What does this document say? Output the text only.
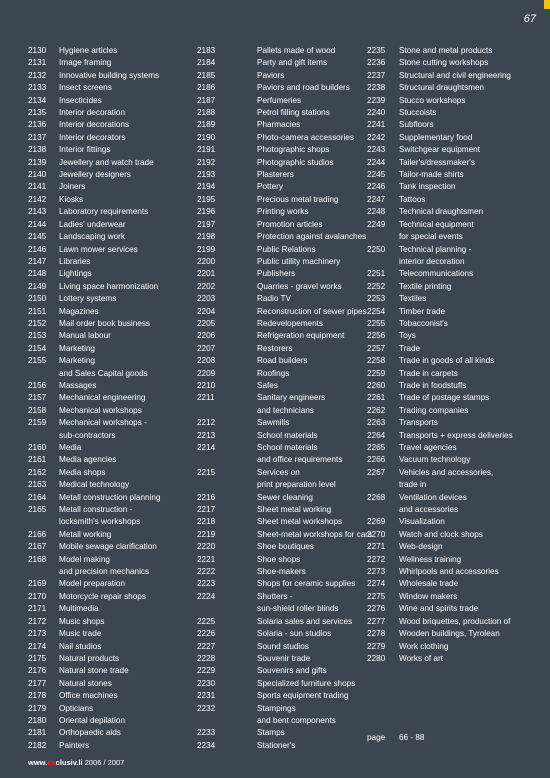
67
2130	Hygiene articles
2131	Image framing
2132	Innovative building systems
2133	Insect screens
2134	Insecticides
2135	Interior decoration
2136	Interior decorations
2137	Interior decorators
2138	Interior fittings
2139	Jewellery and watch trade
2140	Jewellery designers
2141	Joiners
2142	Kiosks
2143	Laboratory requirements
2144	Ladies' underwear
2145	Landscaping work
2146	Lawn mower services
2147	Libraries
2148	Lightings
2149	Living space harmonization
2150	Lottery systems
2151	Magazines
2152	Mail order book business
2153	Manual labour
2154	Marketing
2155	Marketing
and Sales Capital goods
2156	Massages
2157	Mechanical engineering
2158	Mechanical workshops
2159	Mechanical workshops -
sub-contractors
2160	Media
2161	Media agencies
2162	Media shops
2163	Medical technology
2164	Metall construction planning
2165	Metall construction -
locksmith's workshops
2166	Metall working
2167	Mobile sewage clarification
2168	Model making
and precision mechanics
2169	Model preparation
2170	Motorcycle repair shops
2171	Multimedia
2172	Music shops
2173	Music trade
2174	Nail studios
2175	Natural products
2176	Natural stone trade
2177	Natural stones
2178	Office machines
2179	Opticians
2180	Oriental depilation
2181	Orthopaedic aids
2182	Painters
2183	Pallets made of wood
2184	Party and gift items
2185	Paviors
2186	Paviors and road builders
2187	Perfumeries
2188	Petrol filling stations
2189	Pharmacies
2190	Photo-camera accessories
2191	Photographic shops
2192	Photographic studios
2193	Plasterers
2194	Pottery
2195	Precious metal trading
2196	Printing works
2197	Promotion articles
2198	Protection against avalanches
2199	Public Relations
2200	Public utility machinery
2201	Publishers
2202	Quarries - gravel works
2203	Radio TV
2204	Reconstruction of sewer pipes
2205	Redevelopements
2206	Refrigeration equipment
2207	Restorers
2208	Road builders
2209	Roofings
2210	Safes
2211	Sanitary engineers
and technicians
2212	Sawmills
2213	School materials
2214	School materials
and office requirements
2215	Services on
print preparation level
2216	Sewer cleaning
2217	Sheet metal working
2218	Sheet metal workshops
2219	Sheet-metal workshops for cars
2220	Shoe boutiques
2221	Shoe shops
2222	Shoe-makers
2223	Shops for ceramic supplies
2224	Shutters -
sun-shield roller blinds
2225	Solaria sales and services
2226	Solaria - sun studios
2227	Sound studios
2228	Souvenir trade
2229	Souvenirs and gifts
2230	Specialized furniture shops
2231	Sports equipment trading
2232	Stampings
and bent components
2233	Stamps
2234	Stationer's
2235	Stone and metal products
2236	Stone cutting workshops
2237	Structural and civil engineering
2238	Structural draughtsmen
2239	Stucco workshops
2240	Stuccoists
2241	Subfloors
2242	Supplementary food
2243	Switchgear equipment
2244	Tailer's/dressmaker's
2245	Tailor-made shirts
2246	Tank inspection
2247	Tattoos
2248	Technical draughtsmen
2249	Technical equipment
for special events
2250	Technical planning -
interior decoration
2251	Telecommunications
2252	Textile printing
2253	Textiles
2254	Timber trade
2255	Tobacconist's
2256	Toys
2257	Trade
2258	Trade in goods of all kinds
2259	Trade in carpets
2260	Trade in foodstuffs
2261	Trade of postage stamps
2262	Trading companies
2263	Transports
2264	Transports + express deliveries
2265	Travel agencies
2266	Vacuum technology
2267	Vehicles and accessories,
trade in
2268	Ventilation devices
and accessories
2269	Visualization
2270	Watch and clock shops
2271	Web-design
2272	Wellness training
2273	Whirlpools and accessories
2274	Wholesale trade
2275	Window makers
2276	Wine and spirits trade
2277	Wood briquettes, production of
2278	Wooden buildings, Tyrolean
2279	Work clothing
2280	Works of art
page 66 - 88
www.exclusiv.li 2006 / 2007
